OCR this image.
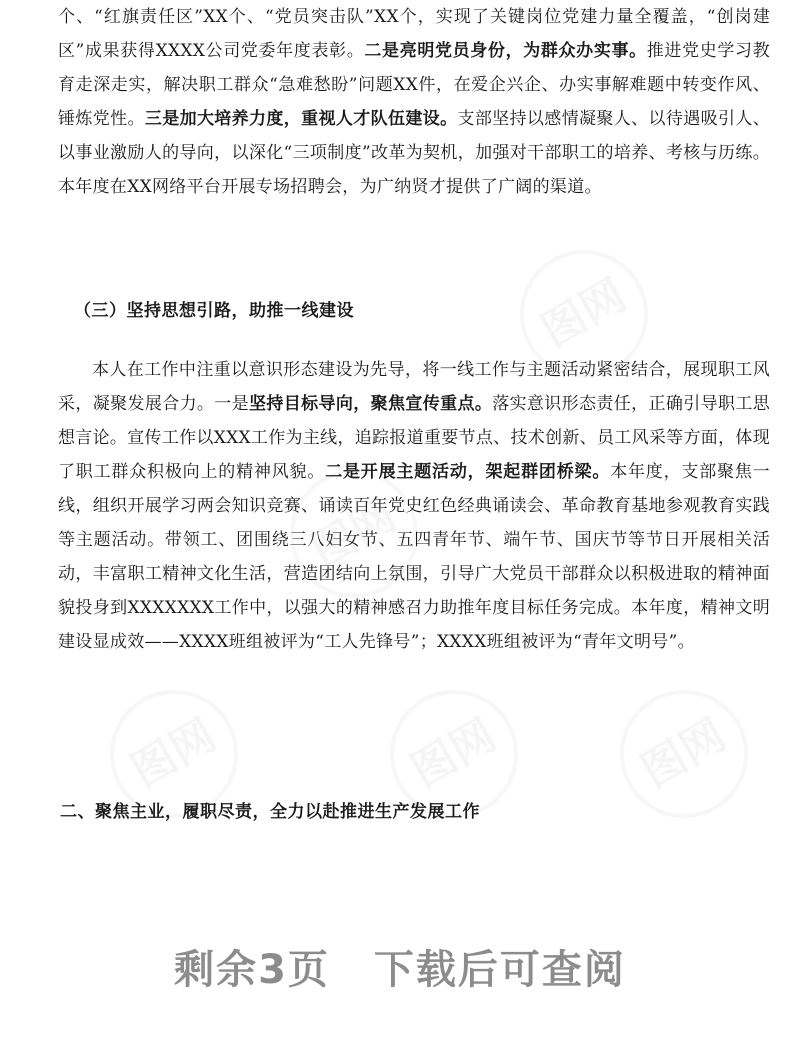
图网
图网
图网	图网	图网
个、“红旗责任区”XX个、“党员突击队”XX个，实现了关键岗位党建力量全覆盖，“创岗建区”成果获得XXXX公司党委年度表彰。二是亮明党员身份，为群众办实事。推进党史学习教育走深走实，解决职工群众“急难愁盼”问题XX件，在爱企兴企、办实事解难题中转变作风、锤炼党性。三是加大培养力度，重视人才队伍建设。支部坚持以感情凝聚人、以待遇吸引人、以事业激励人的导向，以深化“三项制度”改革为契机，加强对干部职工的培养、考核与历练。本年度在XX网络平台开展专场招聘会，为广纳贤才提供了广阔的渠道。
（三）坚持思想引路，助推一线建设
本人在工作中注重以意识形态建设为先导，将一线工作与主题活动紧密结合，展现职工风采，凝聚发展合力。一是坚持目标导向，聚焦宣传重点。落实意识形态责任，正确引导职工思想言论。宣传工作以XXX工作为主线，追踪报道重要节点、技术创新、员工风采等方面，体现了职工群众积极向上的精神风貌。二是开展主题活动，架起群团桥梁。本年度，支部聚焦一线，组织开展学习两会知识竞赛、诵读百年党史红色经典诵读会、革命教育基地参观教育实践等主题活动。带领工、团围绕三八妇女节、五四青年节、端午节、国庆节等节日开展相关活动，丰富职工精神文化生活，营造团结向上氛围，引导广大党员干部群众以积极进取的精神面貌投身到XXXXXXX工作中，以强大的精神感召力助推年度目标任务完成。本年度，精神文明建设显成效——XXXX班组被评为“工人先锋号”；XXXX班组被评为“青年文明号”。
二、聚焦主业，履职尽责，全力以赴推进生产发展工作
剩余3页 下载后可查阅
